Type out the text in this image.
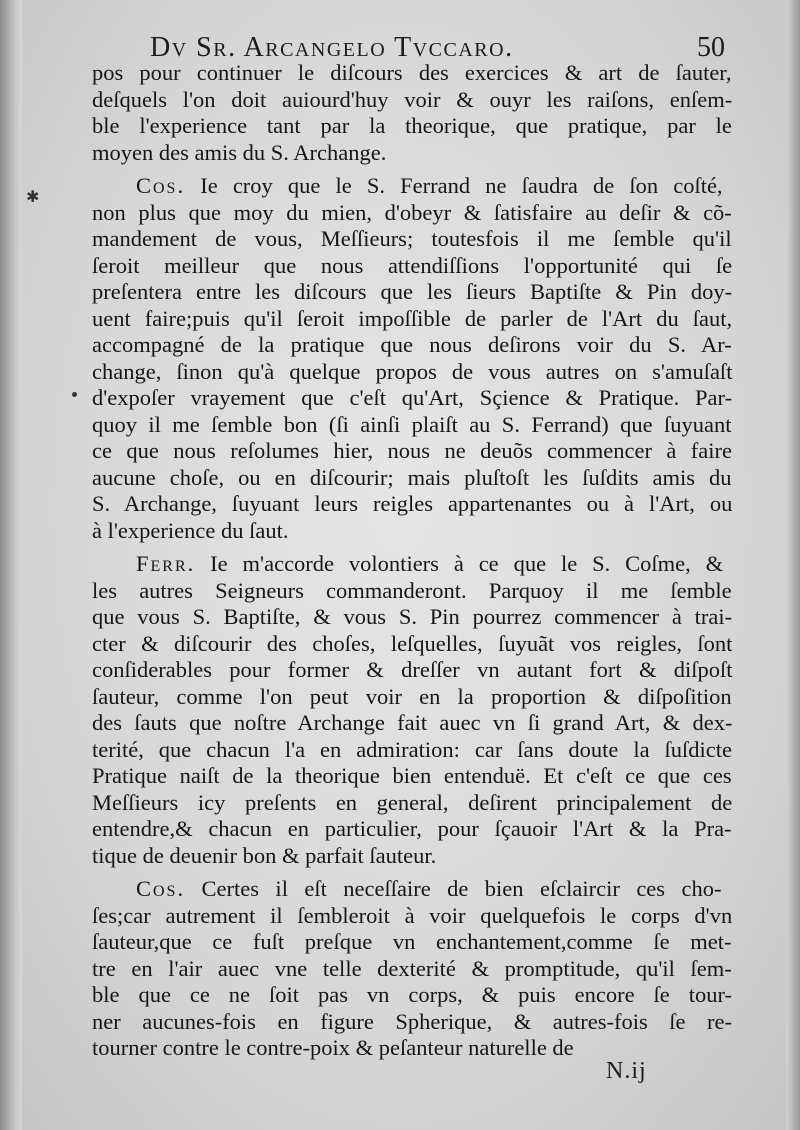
Dv Sr. Arcangelo Tvccaro.	50
✱
pos pour continuer le diſcours des exercices & art de ſauter,
deſquels l'on doit auiourd'huy voir & ouyr les raiſons, enſem-
ble l'experience tant par la theorique, que pratique, par le
moyen des amis du S. Archange.
Cos. Ie croy que le S. Ferrand ne ſaudra de ſon coſté,
non plus que moy du mien, d'obeyr & ſatisfaire au deſir & cõ-
mandement de vous, Meſſieurs; toutesfois il me ſemble qu'il
ſeroit meilleur que nous attendiſſions l'opportunité qui ſe
preſentera entre les diſcours que les ſieurs Baptiſte & Pin doy-
uent faire;puis qu'il ſeroit impoſſible de parler de l'Art du ſaut,
accompagné de la pratique que nous deſirons voir du S. Ar-
change, ſinon qu'à quelque propos de vous autres on s'amuſaſt
d'expoſer vrayement que c'eſt qu'Art, Sçience & Pratique. Par-
quoy il me ſemble bon (ſi ainſi plaiſt au S. Ferrand) que ſuyuant
ce que nous reſolumes hier, nous ne deuõs commencer à faire
aucune choſe, ou en diſcourir; mais pluſtoſt les ſuſdits amis du
S. Archange, ſuyuant leurs reigles appartenantes ou à l'Art, ou
à l'experience du ſaut.
Ferr. Ie m'accorde volontiers à ce que le S. Coſme, &
les autres Seigneurs commanderont. Parquoy il me ſemble
que vous S. Baptiſte, & vous S. Pin pourrez commencer à trai-
cter & diſcourir des choſes, leſquelles, ſuyuãt vos reigles, ſont
conſiderables pour former & dreſſer vn autant fort & diſpoſt
ſauteur, comme l'on peut voir en la proportion & diſpoſition
des ſauts que noſtre Archange fait auec vn ſi grand Art, & dex-
terité, que chacun l'a en admiration: car ſans doute la ſuſdicte
Pratique naiſt de la theorique bien entenduë. Et c'eſt ce que ces
Meſſieurs icy preſents en general, deſirent principalement de
entendre,& chacun en particulier, pour ſçauoir l'Art & la Pra-
tique de deuenir bon & parfait ſauteur.
Cos. Certes il eſt neceſſaire de bien eſclaircir ces cho-
ſes;car autrement il ſembleroit à voir quelquefois le corps d'vn
ſauteur,que ce fuſt preſque vn enchantement,comme ſe met-
tre en l'air auec vne telle dexterité & promptitude, qu'il ſem-
ble que ce ne ſoit pas vn corps, & puis encore ſe tour-
ner aucunes-fois en figure Spherique, & autres-fois ſe re-
tourner contre le contre-poix & peſanteur naturelle de
N.ij
